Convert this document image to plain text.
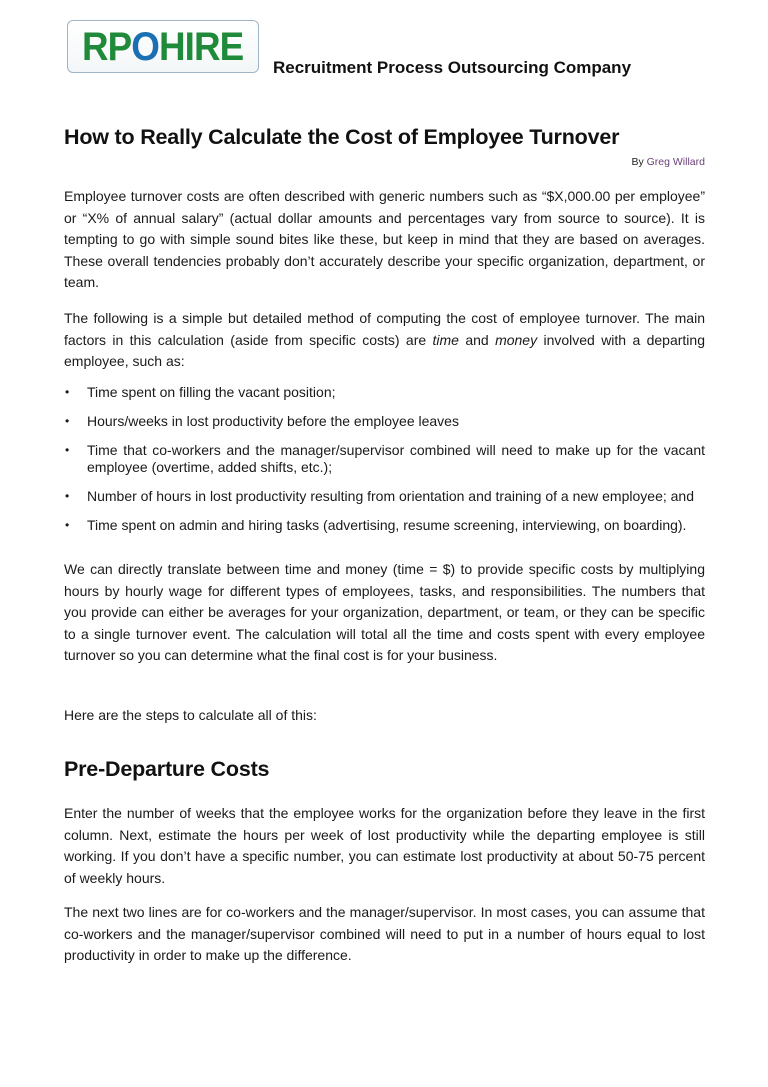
RPOHIRE Recruitment Process Outsourcing Company
How to Really Calculate the Cost of Employee Turnover
By Greg Willard

Employee turnover costs are often described with generic numbers such as “$X,000.00 per employee” or “X% of annual salary” (actual dollar amounts and percentages vary from source to source). It is tempting to go with simple sound bites like these, but keep in mind that they are based on averages. These overall tendencies probably don’t accurately describe your specific organization, department, or team.

The following is a simple but detailed method of computing the cost of employee turnover. The main factors in this calculation (aside from specific costs) are time and money involved with a departing employee, such as:

• Time spent on filling the vacant position;
• Hours/weeks in lost productivity before the employee leaves
• Time that co-workers and the manager/supervisor combined will need to make up for the vacant employee (overtime, added shifts, etc.);
• Number of hours in lost productivity resulting from orientation and training of a new employee; and
• Time spent on admin and hiring tasks (advertising, resume screening, interviewing, on boarding).

We can directly translate between time and money (time = $) to provide specific costs by multiplying hours by hourly wage for different types of employees, tasks, and responsibilities. The numbers that you provide can either be averages for your organization, department, or team, or they can be specific to a single turnover event. The calculation will total all the time and costs spent with every employee turnover so you can determine what the final cost is for your business.

Here are the steps to calculate all of this:

Pre-Departure Costs

Enter the number of weeks that the employee works for the organization before they leave in the first column. Next, estimate the hours per week of lost productivity while the departing employee is still working. If you don’t have a specific number, you can estimate lost productivity at about 50-75 percent of weekly hours.

The next two lines are for co-workers and the manager/supervisor. In most cases, you can assume that co-workers and the manager/supervisor combined will need to put in a number of hours equal to lost productivity in order to make up the difference.
